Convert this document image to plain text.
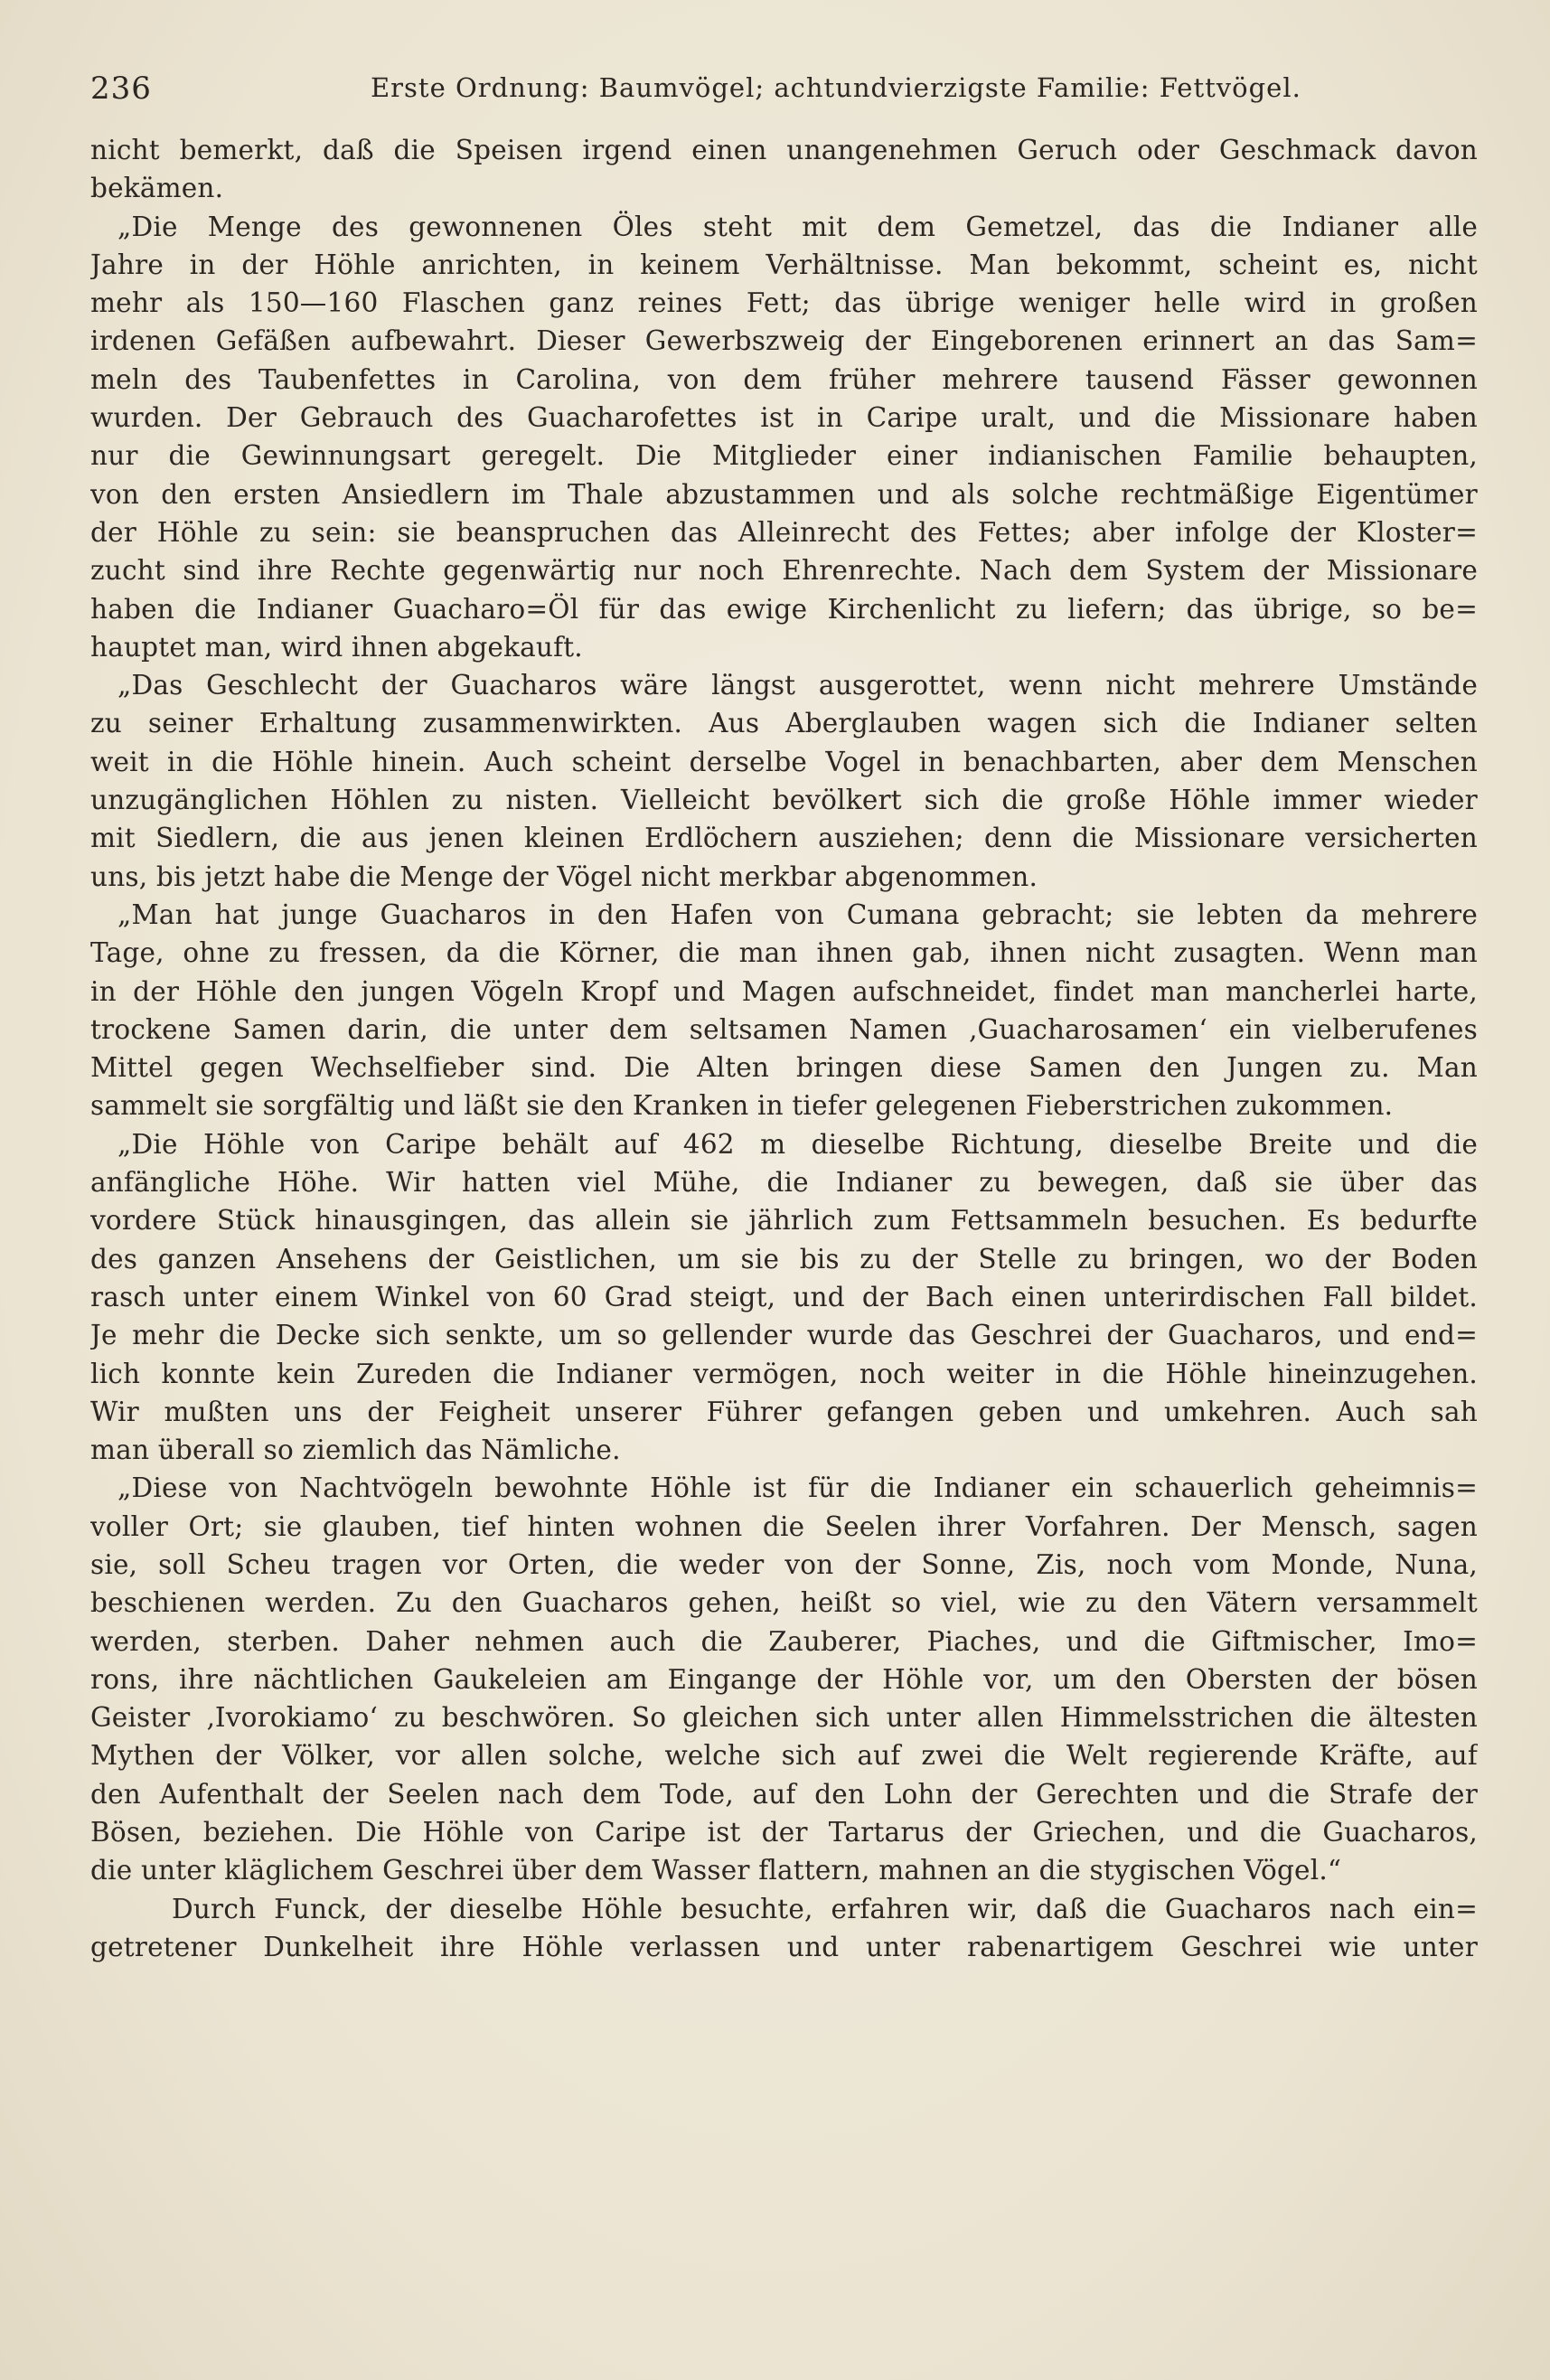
236	Erste Ordnung: Baumvögel; achtundvierzigste Familie: Fettvögel.
nicht bemerkt, daß die Speisen irgend einen unangenehmen Geruch oder Geschmack davon
bekämen.
„Die Menge des gewonnenen Öles steht mit dem Gemetzel, das die Indianer alle
Jahre in der Höhle anrichten, in keinem Verhältnisse. Man bekommt, scheint es, nicht
mehr als 150—160 Flaschen ganz reines Fett; das übrige weniger helle wird in großen
irdenen Gefäßen aufbewahrt. Dieser Gewerbszweig der Eingeborenen erinnert an das Sam=
meln des Taubenfettes in Carolina, von dem früher mehrere tausend Fässer gewonnen
wurden. Der Gebrauch des Guacharofettes ist in Caripe uralt, und die Missionare haben
nur die Gewinnungsart geregelt. Die Mitglieder einer indianischen Familie behaupten,
von den ersten Ansiedlern im Thale abzustammen und als solche rechtmäßige Eigentümer
der Höhle zu sein: sie beanspruchen das Alleinrecht des Fettes; aber infolge der Kloster=
zucht sind ihre Rechte gegenwärtig nur noch Ehrenrechte. Nach dem System der Missionare
haben die Indianer Guacharo=Öl für das ewige Kirchenlicht zu liefern; das übrige, so be=
hauptet man, wird ihnen abgekauft.
„Das Geschlecht der Guacharos wäre längst ausgerottet, wenn nicht mehrere Umstände
zu seiner Erhaltung zusammenwirkten. Aus Aberglauben wagen sich die Indianer selten
weit in die Höhle hinein. Auch scheint derselbe Vogel in benachbarten, aber dem Menschen
unzugänglichen Höhlen zu nisten. Vielleicht bevölkert sich die große Höhle immer wieder
mit Siedlern, die aus jenen kleinen Erdlöchern ausziehen; denn die Missionare versicherten
uns, bis jetzt habe die Menge der Vögel nicht merkbar abgenommen.
„Man hat junge Guacharos in den Hafen von Cumana gebracht; sie lebten da mehrere
Tage, ohne zu fressen, da die Körner, die man ihnen gab, ihnen nicht zusagten. Wenn man
in der Höhle den jungen Vögeln Kropf und Magen aufschneidet, findet man mancherlei harte,
trockene Samen darin, die unter dem seltsamen Namen ‚Guacharosamen‘ ein vielberufenes
Mittel gegen Wechselfieber sind. Die Alten bringen diese Samen den Jungen zu. Man
sammelt sie sorgfältig und läßt sie den Kranken in tiefer gelegenen Fieberstrichen zukommen.
„Die Höhle von Caripe behält auf 462 m dieselbe Richtung, dieselbe Breite und die
anfängliche Höhe. Wir hatten viel Mühe, die Indianer zu bewegen, daß sie über das
vordere Stück hinausgingen, das allein sie jährlich zum Fettsammeln besuchen. Es bedurfte
des ganzen Ansehens der Geistlichen, um sie bis zu der Stelle zu bringen, wo der Boden
rasch unter einem Winkel von 60 Grad steigt, und der Bach einen unterirdischen Fall bildet.
Je mehr die Decke sich senkte, um so gellender wurde das Geschrei der Guacharos, und end=
lich konnte kein Zureden die Indianer vermögen, noch weiter in die Höhle hineinzugehen.
Wir mußten uns der Feigheit unserer Führer gefangen geben und umkehren. Auch sah
man überall so ziemlich das Nämliche.
„Diese von Nachtvögeln bewohnte Höhle ist für die Indianer ein schauerlich geheimnis=
voller Ort; sie glauben, tief hinten wohnen die Seelen ihrer Vorfahren. Der Mensch, sagen
sie, soll Scheu tragen vor Orten, die weder von der Sonne, Zis, noch vom Monde, Nuna,
beschienen werden. Zu den Guacharos gehen, heißt so viel, wie zu den Vätern versammelt
werden, sterben. Daher nehmen auch die Zauberer, Piaches, und die Giftmischer, Imo=
rons, ihre nächtlichen Gaukeleien am Eingange der Höhle vor, um den Obersten der bösen
Geister ‚Ivorokiamo‘ zu beschwören. So gleichen sich unter allen Himmelsstrichen die ältesten
Mythen der Völker, vor allen solche, welche sich auf zwei die Welt regierende Kräfte, auf
den Aufenthalt der Seelen nach dem Tode, auf den Lohn der Gerechten und die Strafe der
Bösen, beziehen. Die Höhle von Caripe ist der Tartarus der Griechen, und die Guacharos,
die unter kläglichem Geschrei über dem Wasser flattern, mahnen an die stygischen Vögel.“
Durch Funck, der dieselbe Höhle besuchte, erfahren wir, daß die Guacharos nach ein=
getretener Dunkelheit ihre Höhle verlassen und unter rabenartigem Geschrei wie unter
